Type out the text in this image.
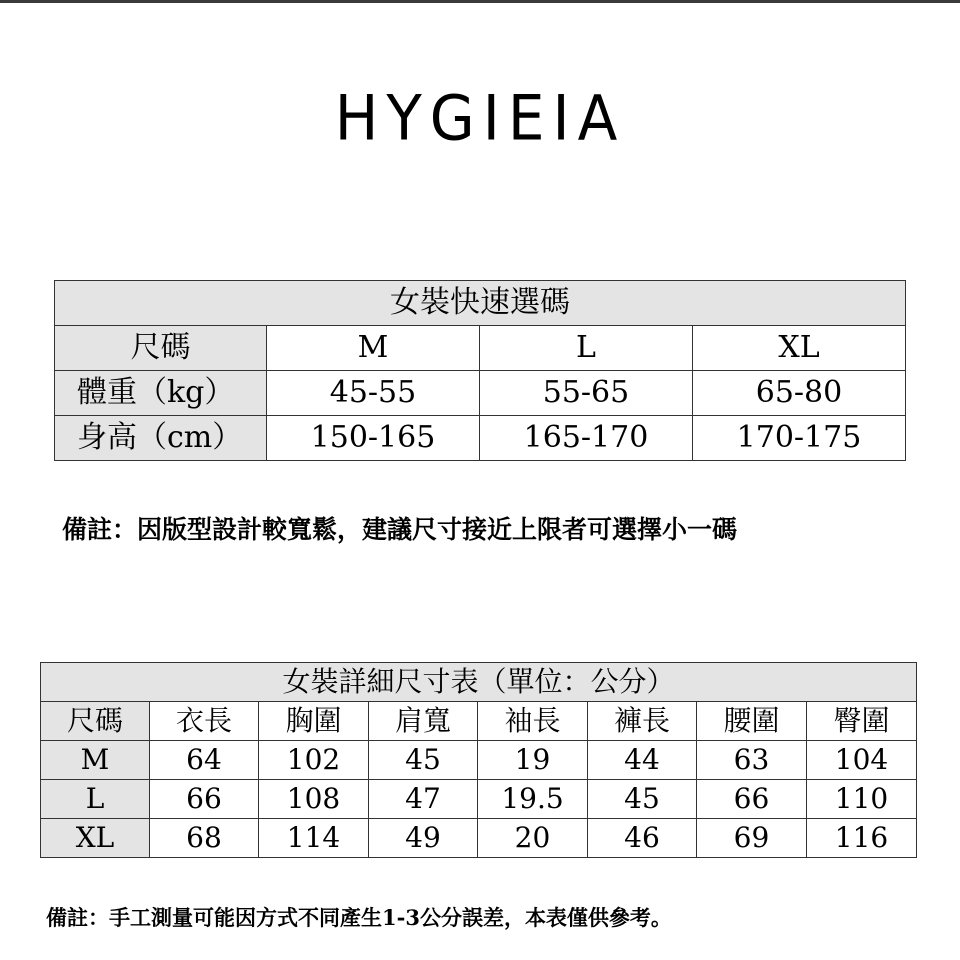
HYGIEIA
女裝快速選碼			
尺碼	M	L	XL
體重（kg）	45-55	55-65	65-80
身高（cm）	150-165	165-170	170-175
備註：因版型設計較寬鬆，建議尺寸接近上限者可選擇小一碼
女裝詳細尺寸表（單位：公分）							
尺碼	衣長	胸圍	肩寬	袖長	褲長	腰圍	臀圍
M	64	102	45	19	44	63	104
L	66	108	47	19.5	45	66	110
XL	68	114	49	20	46	69	116
備註：手工測量可能因方式不同產生1-3公分誤差，本表僅供參考。
